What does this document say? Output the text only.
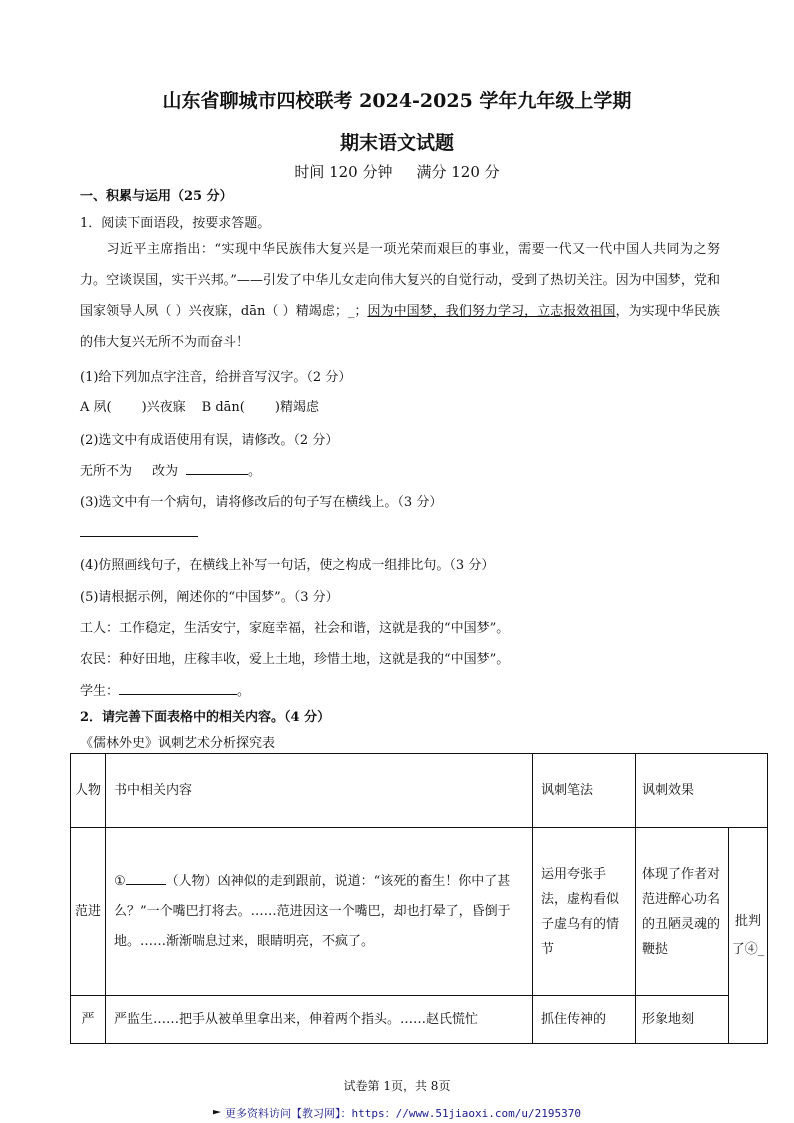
山东省聊城市四校联考 2024-2025 学年九年级上学期
期末语文试题
时间 120 分钟 满分 120 分
一、积累与运用（25 分）
1．阅读下面语段，按要求答题。
习近平主席指出：“实现中华民族伟大复兴是一项光荣而艰巨的事业，需要一代又一代中国人共同为之努力。空谈误国，实干兴邦。”——引发了中华儿女走向伟大复兴的自觉行动，受到了热切关注。因为中国梦，党和国家领导人夙（ ）兴夜寐，dān（ ）精竭虑；_；因为中国梦，我们努力学习，立志报效祖国，为实现中华民族的伟大复兴无所不为而奋斗！
(1)给下列加点字注音，给拼音写汉字。（2 分）
A 夙( )兴夜寐 B dān( )精竭虑
(2)选文中有成语使用有误，请修改。（2 分）
无所不为 改为	。
(3)选文中有一个病句，请将修改后的句子写在横线上。（3 分）
(4)仿照画线句子，在横线上补写一句话，使之构成一组排比句。（3 分）
(5)请根据示例，阐述你的“中国梦”。（3 分）
工人：工作稳定，生活安宁，家庭幸福，社会和谐，这就是我的“中国梦”。
农民：种好田地，庄稼丰收，爱上土地，珍惜土地，这就是我的“中国梦”。
学生：	。
2．请完善下面表格中的相关内容。（4 分）
《儒林外史》讽刺艺术分析探究表
人物	书中相关内容	讽刺笔法	讽刺效果	
范进	① （人物）凶神似的走到跟前，说道：“该死的畜生！你中了甚么？”一个嘴巴打将去。……范进因这一个嘴巴，却也打晕了，昏倒于地。……渐渐喘息过来，眼睛明亮，不疯了。	运用夸张手法，虚构看似子虚乌有的情节	体现了作者对范进醉心功名的丑陋灵魂的鞭挞	批判了④_
严	严监生……把手从被单里拿出来，伸着两个指头。……赵氏慌忙	抓住传神的	形象地刻	
试卷第 1页，共 8页
更多资料访问【教习网】：https：//www.51jiaoxi.com/u/2195370
